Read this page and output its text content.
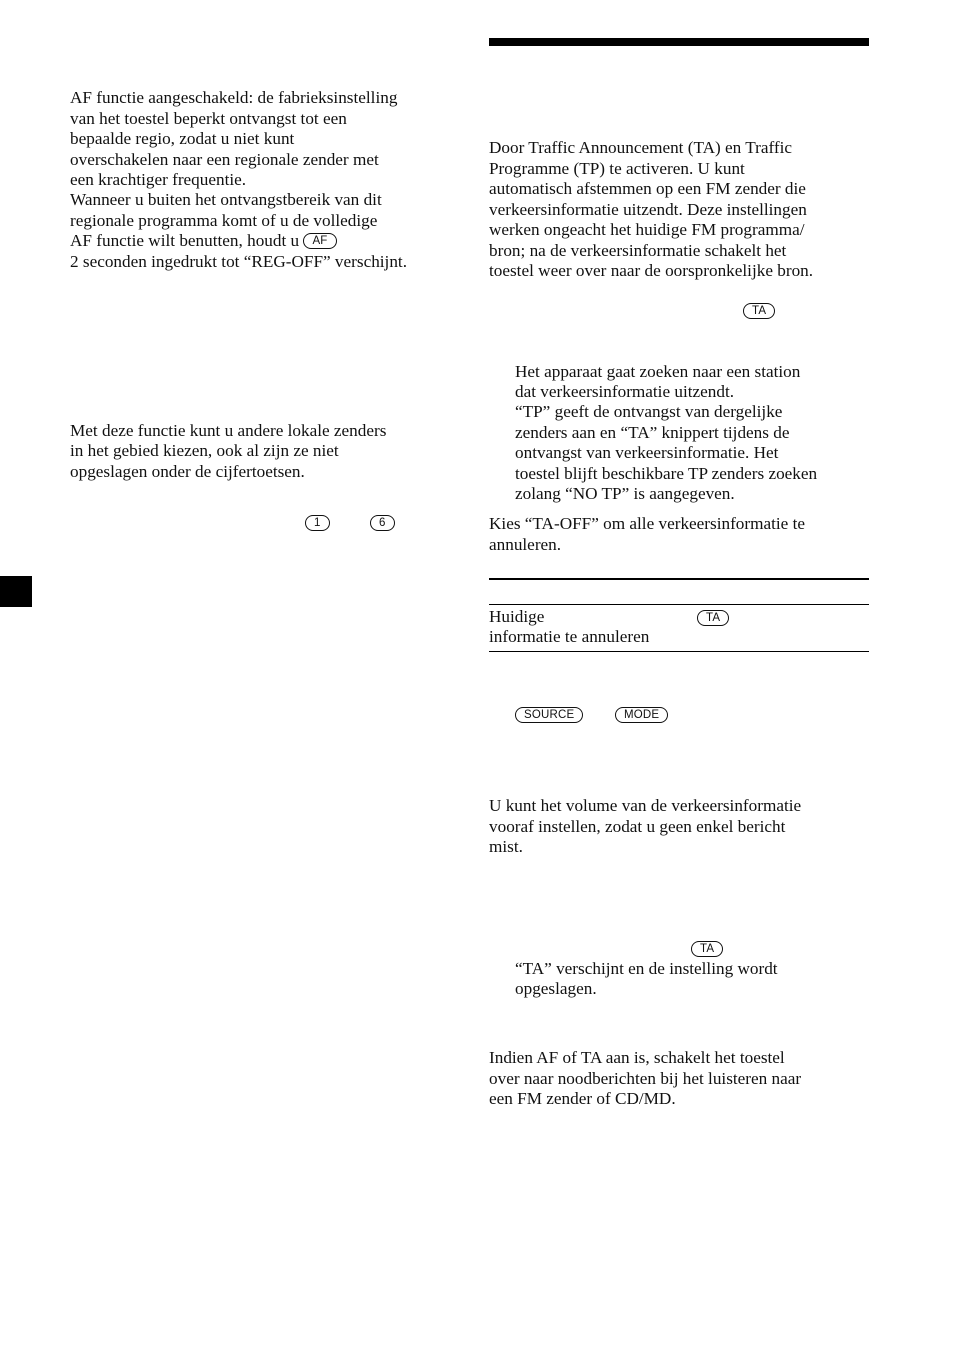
AF functie aangeschakeld: de fabrieksinstelling

van het toestel beperkt ontvangst tot een

bepaalde regio, zodat u niet kunt

overschakelen naar een regionale zender met

een krachtiger frequentie.

Wanneer u buiten het ontvangstbereik van dit

regionale programma komt of u de volledige

AF functie wilt benutten, houdt u AF

2 seconden ingedrukt tot “REG-OFF” verschijnt.

Met deze functie kunt u andere lokale zenders

in het gebied kiezen, ook al zijn ze niet

opgeslagen onder de cijfertoetsen.

1	6

Door Traffic Announcement (TA) en Traffic

Programme (TP) te activeren. U kunt

automatisch afstemmen op een FM zender die

verkeersinformatie uitzendt. Deze instellingen

werken ongeacht het huidige FM programma/

bron; na de verkeersinformatie schakelt het

toestel weer over naar de oorspronkelijke bron.

TA

Het apparaat gaat zoeken naar een station

dat verkeersinformatie uitzendt.

“TP” geeft de ontvangst van dergelijke

zenders aan en “TA” knippert tijdens de

ontvangst van verkeersinformatie. Het

toestel blijft beschikbare TP zenders zoeken

zolang “NO TP” is aangegeven.

Kies “TA-OFF” om alle verkeersinformatie te

annuleren.

Huidige

informatie te annuleren

TA
SOURCE	MODE

U kunt het volume van de verkeersinformatie

vooraf instellen, zodat u geen enkel bericht

mist.

TA

“TA” verschijnt en de instelling wordt

opgeslagen.

Indien AF of TA aan is, schakelt het toestel

over naar noodberichten bij het luisteren naar

een FM zender of CD/MD.
